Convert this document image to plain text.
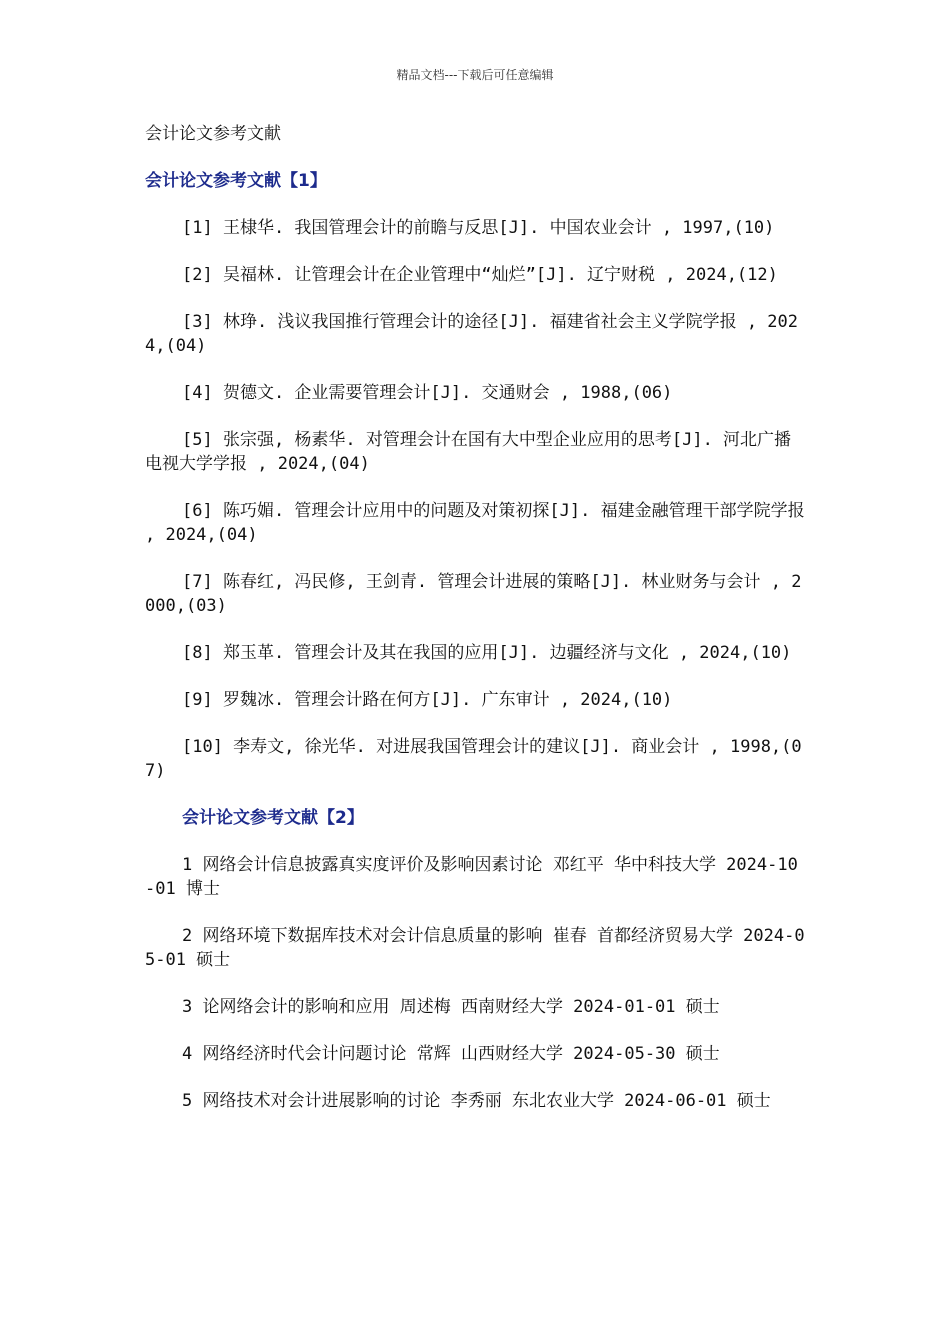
精品文档---下载后可任意编辑
会计论文参考文献
会计论文参考文献【1】
[1] 王棣华. 我国管理会计的前瞻与反思[J]. 中国农业会计 , 1997,(10)
[2] 吴福林. 让管理会计在企业管理中“灿烂”[J]. 辽宁财税 , 2024,(12)
[3] 林琤. 浅议我国推行管理会计的途径[J]. 福建省社会主义学院学报 , 2024,(04)
[4] 贺德文. 企业需要管理会计[J]. 交通财会 , 1988,(06)
[5] 张宗强, 杨素华. 对管理会计在国有大中型企业应用的思考[J]. 河北广播电视大学学报 , 2024,(04)
[6] 陈巧媚. 管理会计应用中的问题及对策初探[J]. 福建金融管理干部学院学报 , 2024,(04)
[7] 陈春红, 冯民修, 王剑青. 管理会计进展的策略[J]. 林业财务与会计 , 2000,(03)
[8] 郑玉革. 管理会计及其在我国的应用[J]. 边疆经济与文化 , 2024,(10)
[9] 罗魏冰. 管理会计路在何方[J]. 广东审计 , 2024,(10)
[10] 李寿文, 徐光华. 对进展我国管理会计的建议[J]. 商业会计 , 1998,(07)
会计论文参考文献【2】
1 网络会计信息披露真实度评价及影响因素讨论 邓红平 华中科技大学 2024-10-01 博士
2 网络环境下数据库技术对会计信息质量的影响 崔春 首都经济贸易大学 2024-05-01 硕士
3 论网络会计的影响和应用 周述梅 西南财经大学 2024-01-01 硕士
4 网络经济时代会计问题讨论 常辉 山西财经大学 2024-05-30 硕士
5 网络技术对会计进展影响的讨论 李秀丽 东北农业大学 2024-06-01 硕士
